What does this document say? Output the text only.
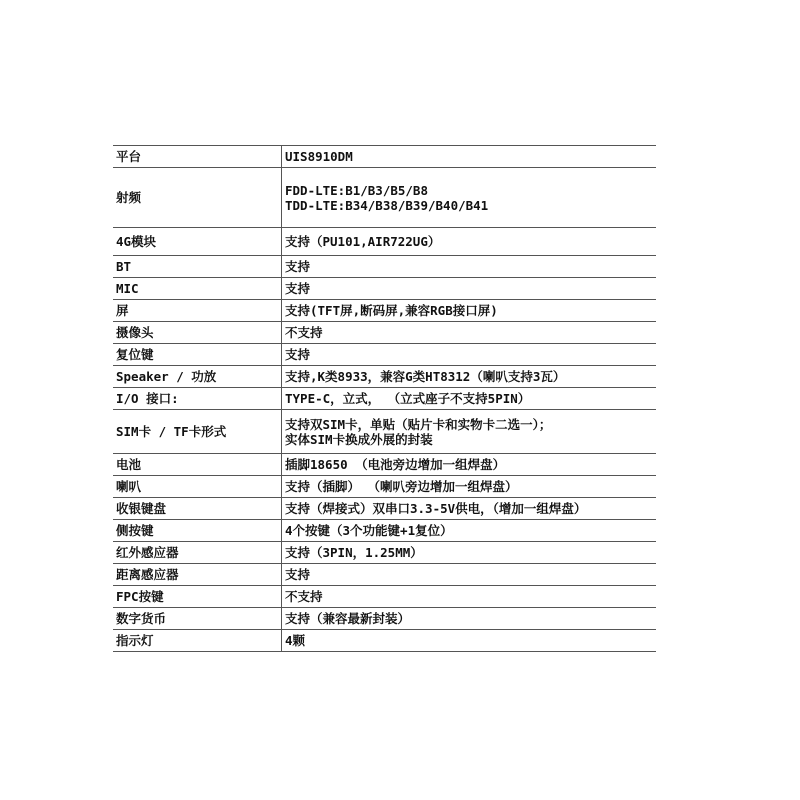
平台	UIS8910DM

射频	FDD-LTE:B1/B3/B5/B8
TDD-LTE:B34/B38/B39/B40/B41

4G模块	支持（PU101,AIR722UG）

BT	支持

MIC	支持

屏	支持(TFT屏,断码屏,兼容RGB接口屏)

摄像头	不支持

复位键	支持

Speaker / 功放	支持,K类8933，兼容G类HT8312（喇叭支持3瓦）

I/O 接口:	TYPE-C，立式， （立式座子不支持5PIN）

SIM卡 / TF卡形式	支持双SIM卡，单贴（贴片卡和实物卡二选一）；
实体SIM卡换成外展的封装

电池	插脚18650 （电池旁边增加一组焊盘）

喇叭	支持（插脚） （喇叭旁边增加一组焊盘）

收银键盘	支持（焊接式）双串口3.3-5V供电，（增加一组焊盘）

侧按键	4个按键（3个功能键+1复位）

红外感应器	支持（3PIN，1.25MM）

距离感应器	支持

FPC按键	不支持

数字货币	支持（兼容最新封装）

指示灯	4颗
